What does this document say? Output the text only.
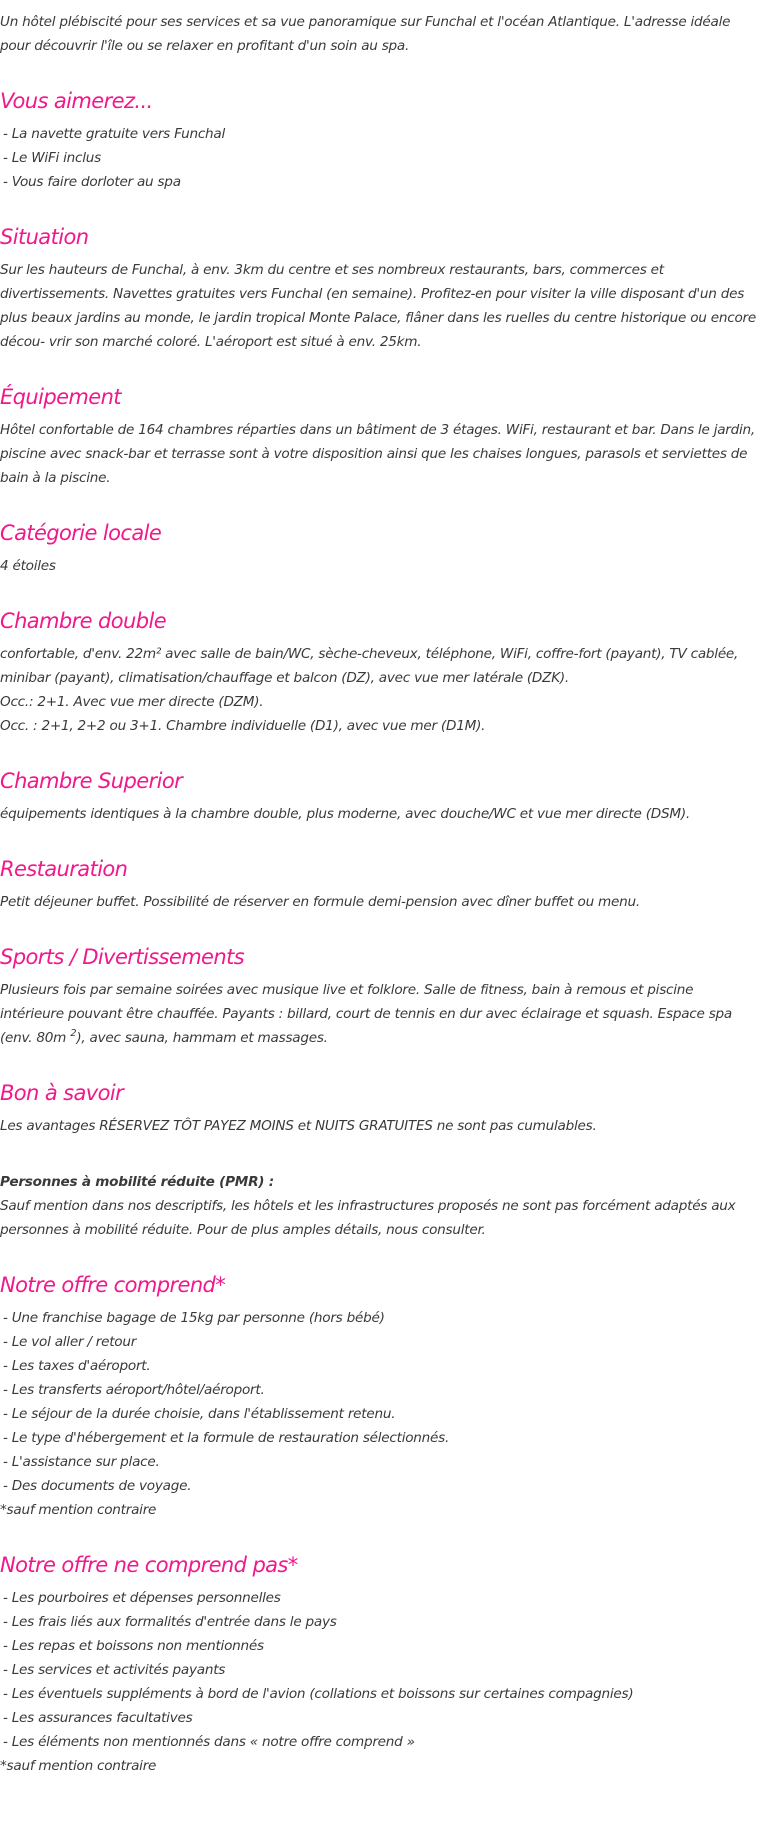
Un hôtel plébiscité pour ses services et sa vue panoramique sur Funchal et l'océan Atlantique. L'adresse idéale pour découvrir l'île ou se relaxer en profitant d'un soin au spa.

Vous aimerez...

- La navette gratuite vers Funchal

- Le WiFi inclus

- Vous faire dorloter au spa

Situation

Sur les hauteurs de Funchal, à env. 3km du centre et ses nombreux restaurants, bars, commerces et divertissements. Navettes gratuites vers Funchal (en semaine). Profitez-en pour visiter la ville disposant d'un des plus beaux jardins au monde, le jardin tropical Monte Palace, flâner dans les ruelles du centre historique ou encore décou- vrir son marché coloré. L'aéroport est situé à env. 25km.

Équipement

Hôtel confortable de 164 chambres réparties dans un bâtiment de 3 étages. WiFi, restaurant et bar. Dans le jardin, piscine avec snack-bar et terrasse sont à votre disposition ainsi que les chaises longues, parasols et serviettes de bain à la piscine.

Catégorie locale

4 étoiles

Chambre double

confortable, d'env. 22m² avec salle de bain/WC, sèche-cheveux, téléphone, WiFi, coffre-fort (payant), TV cablée, minibar (payant), climatisation/chauffage et balcon (DZ), avec vue mer latérale (DZK).

Occ.: 2+1. Avec vue mer directe (DZM).

Occ. : 2+1, 2+2 ou 3+1. Chambre individuelle (D1), avec vue mer (D1M).

Chambre Superior

équipements identiques à la chambre double, plus moderne, avec douche/WC et vue mer directe (DSM).

Restauration

Petit déjeuner buffet. Possibilité de réserver en formule demi-pension avec dîner buffet ou menu.

Sports / Divertissements

Plusieurs fois par semaine soirées avec musique live et folklore. Salle de fitness, bain à remous et piscine intérieure pouvant être chauffée. Payants : billard, court de tennis en dur avec éclairage et squash. Espace spa (env. 80m $^2$), avec sauna, hammam et massages.

Bon à savoir

Les avantages RÉSERVEZ TÔT PAYEZ MOINS et NUITS GRATUITES ne sont pas cumulables.

Personnes à mobilité réduite (PMR) :

Sauf mention dans nos descriptifs, les hôtels et les infrastructures proposés ne sont pas forcément adaptés aux personnes à mobilité réduite. Pour de plus amples détails, nous consulter.

Notre offre comprend*

- Une franchise bagage de 15kg par personne (hors bébé)

- Le vol aller / retour

- Les taxes d'aéroport.

- Les transferts aéroport/hôtel/aéroport.

- Le séjour de la durée choisie, dans l'établissement retenu.

- Le type d'hébergement et la formule de restauration sélectionnés.

- L'assistance sur place.

- Des documents de voyage.

*sauf mention contraire

Notre offre ne comprend pas*

- Les pourboires et dépenses personnelles

- Les frais liés aux formalités d'entrée dans le pays

- Les repas et boissons non mentionnés

- Les services et activités payants

- Les éventuels suppléments à bord de l'avion (collations et boissons sur certaines compagnies)

- Les assurances facultatives

- Les éléments non mentionnés dans « notre offre comprend »

*sauf mention contraire
